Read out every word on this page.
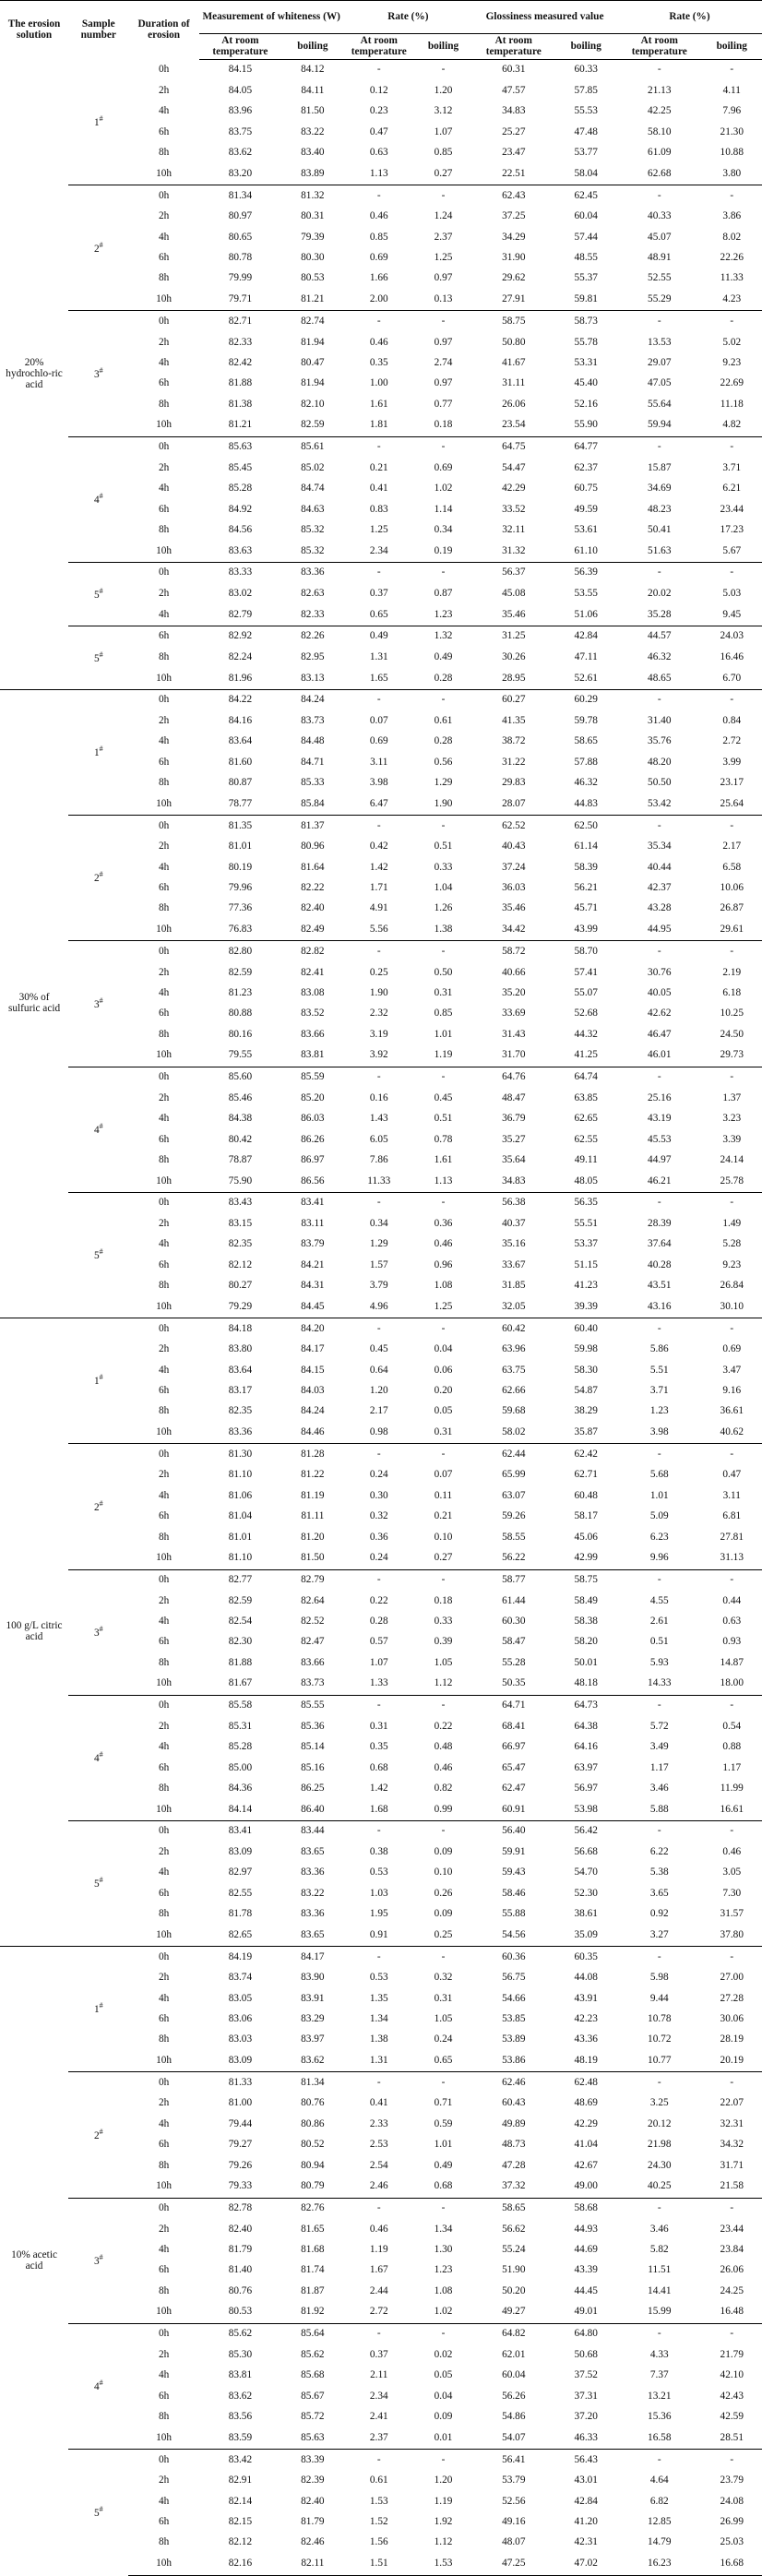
The erosion solution	Sample number	Duration of erosion	Measurement of whiteness (W)		Rate (%)		Glossiness measured value		Rate (%)	
			At room temperature	boiling	At room temperature	boiling	At room temperature	boiling	At room temperature	boiling
20% hydrochlo-ric acid	1#	0h	84.15	84.12	-	-	60.31	60.33	-	-
		2h	84.05	84.11	0.12	1.20	47.57	57.85	21.13	4.11
		4h	83.96	81.50	0.23	3.12	34.83	55.53	42.25	7.96
		6h	83.75	83.22	0.47	1.07	25.27	47.48	58.10	21.30
		8h	83.62	83.40	0.63	0.85	23.47	53.77	61.09	10.88
		10h	83.20	83.89	1.13	0.27	22.51	58.04	62.68	3.80
	2#	0h	81.34	81.32	-	-	62.43	62.45	-	-
		2h	80.97	80.31	0.46	1.24	37.25	60.04	40.33	3.86
		4h	80.65	79.39	0.85	2.37	34.29	57.44	45.07	8.02
		6h	80.78	80.30	0.69	1.25	31.90	48.55	48.91	22.26
		8h	79.99	80.53	1.66	0.97	29.62	55.37	52.55	11.33
		10h	79.71	81.21	2.00	0.13	27.91	59.81	55.29	4.23
	3#	0h	82.71	82.74	-	-	58.75	58.73	-	-
		2h	82.33	81.94	0.46	0.97	50.80	55.78	13.53	5.02
		4h	82.42	80.47	0.35	2.74	41.67	53.31	29.07	9.23
		6h	81.88	81.94	1.00	0.97	31.11	45.40	47.05	22.69
		8h	81.38	82.10	1.61	0.77	26.06	52.16	55.64	11.18
		10h	81.21	82.59	1.81	0.18	23.54	55.90	59.94	4.82
	4#	0h	85.63	85.61	-	-	64.75	64.77	-	-
		2h	85.45	85.02	0.21	0.69	54.47	62.37	15.87	3.71
		4h	85.28	84.74	0.41	1.02	42.29	60.75	34.69	6.21
		6h	84.92	84.63	0.83	1.14	33.52	49.59	48.23	23.44
		8h	84.56	85.32	1.25	0.34	32.11	53.61	50.41	17.23
		10h	83.63	85.32	2.34	0.19	31.32	61.10	51.63	5.67
	5#	0h	83.33	83.36	-	-	56.37	56.39	-	-
		2h	83.02	82.63	0.37	0.87	45.08	53.55	20.02	5.03
		4h	82.79	82.33	0.65	1.23	35.46	51.06	35.28	9.45
	5#	6h	82.92	82.26	0.49	1.32	31.25	42.84	44.57	24.03
		8h	82.24	82.95	1.31	0.49	30.26	47.11	46.32	16.46
		10h	81.96	83.13	1.65	0.28	28.95	52.61	48.65	6.70
30% of sulfuric acid	1#	0h	84.22	84.24	-	-	60.27	60.29	-	-
		2h	84.16	83.73	0.07	0.61	41.35	59.78	31.40	0.84
		4h	83.64	84.48	0.69	0.28	38.72	58.65	35.76	2.72
		6h	81.60	84.71	3.11	0.56	31.22	57.88	48.20	3.99
		8h	80.87	85.33	3.98	1.29	29.83	46.32	50.50	23.17
		10h	78.77	85.84	6.47	1.90	28.07	44.83	53.42	25.64
	2#	0h	81.35	81.37	-	-	62.52	62.50	-	-
		2h	81.01	80.96	0.42	0.51	40.43	61.14	35.34	2.17
		4h	80.19	81.64	1.42	0.33	37.24	58.39	40.44	6.58
		6h	79.96	82.22	1.71	1.04	36.03	56.21	42.37	10.06
		8h	77.36	82.40	4.91	1.26	35.46	45.71	43.28	26.87
		10h	76.83	82.49	5.56	1.38	34.42	43.99	44.95	29.61
	3#	0h	82.80	82.82	-	-	58.72	58.70	-	-
		2h	82.59	82.41	0.25	0.50	40.66	57.41	30.76	2.19
		4h	81.23	83.08	1.90	0.31	35.20	55.07	40.05	6.18
		6h	80.88	83.52	2.32	0.85	33.69	52.68	42.62	10.25
		8h	80.16	83.66	3.19	1.01	31.43	44.32	46.47	24.50
		10h	79.55	83.81	3.92	1.19	31.70	41.25	46.01	29.73
	4#	0h	85.60	85.59	-	-	64.76	64.74	-	-
		2h	85.46	85.20	0.16	0.45	48.47	63.85	25.16	1.37
		4h	84.38	86.03	1.43	0.51	36.79	62.65	43.19	3.23
		6h	80.42	86.26	6.05	0.78	35.27	62.55	45.53	3.39
		8h	78.87	86.97	7.86	1.61	35.64	49.11	44.97	24.14
		10h	75.90	86.56	11.33	1.13	34.83	48.05	46.21	25.78
	5#	0h	83.43	83.41	-	-	56.38	56.35	-	-
		2h	83.15	83.11	0.34	0.36	40.37	55.51	28.39	1.49
		4h	82.35	83.79	1.29	0.46	35.16	53.37	37.64	5.28
		6h	82.12	84.21	1.57	0.96	33.67	51.15	40.28	9.23
		8h	80.27	84.31	3.79	1.08	31.85	41.23	43.51	26.84
		10h	79.29	84.45	4.96	1.25	32.05	39.39	43.16	30.10
100 g/L citric acid	1#	0h	84.18	84.20	-	-	60.42	60.40	-	-
		2h	83.80	84.17	0.45	0.04	63.96	59.98	5.86	0.69
		4h	83.64	84.15	0.64	0.06	63.75	58.30	5.51	3.47
		6h	83.17	84.03	1.20	0.20	62.66	54.87	3.71	9.16
		8h	82.35	84.24	2.17	0.05	59.68	38.29	1.23	36.61
		10h	83.36	84.46	0.98	0.31	58.02	35.87	3.98	40.62
	2#	0h	81.30	81.28	-	-	62.44	62.42	-	-
		2h	81.10	81.22	0.24	0.07	65.99	62.71	5.68	0.47
		4h	81.06	81.19	0.30	0.11	63.07	60.48	1.01	3.11
		6h	81.04	81.11	0.32	0.21	59.26	58.17	5.09	6.81
		8h	81.01	81.20	0.36	0.10	58.55	45.06	6.23	27.81
		10h	81.10	81.50	0.24	0.27	56.22	42.99	9.96	31.13
	3#	0h	82.77	82.79	-	-	58.77	58.75	-	-
		2h	82.59	82.64	0.22	0.18	61.44	58.49	4.55	0.44
		4h	82.54	82.52	0.28	0.33	60.30	58.38	2.61	0.63
		6h	82.30	82.47	0.57	0.39	58.47	58.20	0.51	0.93
		8h	81.88	83.66	1.07	1.05	55.28	50.01	5.93	14.87
		10h	81.67	83.73	1.33	1.12	50.35	48.18	14.33	18.00
	4#	0h	85.58	85.55	-	-	64.71	64.73	-	-
		2h	85.31	85.36	0.31	0.22	68.41	64.38	5.72	0.54
		4h	85.28	85.14	0.35	0.48	66.97	64.16	3.49	0.88
		6h	85.00	85.16	0.68	0.46	65.47	63.97	1.17	1.17
		8h	84.36	86.25	1.42	0.82	62.47	56.97	3.46	11.99
		10h	84.14	86.40	1.68	0.99	60.91	53.98	5.88	16.61
	5#	0h	83.41	83.44	-	-	56.40	56.42	-	-
		2h	83.09	83.65	0.38	0.09	59.91	56.68	6.22	0.46
		4h	82.97	83.36	0.53	0.10	59.43	54.70	5.38	3.05
		6h	82.55	83.22	1.03	0.26	58.46	52.30	3.65	7.30
		8h	81.78	83.36	1.95	0.09	55.88	38.61	0.92	31.57
		10h	82.65	83.65	0.91	0.25	54.56	35.09	3.27	37.80
10% acetic acid	1#	0h	84.19	84.17	-	-	60.36	60.35	-	-
		2h	83.74	83.90	0.53	0.32	56.75	44.08	5.98	27.00
		4h	83.05	83.91	1.35	0.31	54.66	43.91	9.44	27.28
		6h	83.06	83.29	1.34	1.05	53.85	42.23	10.78	30.06
		8h	83.03	83.97	1.38	0.24	53.89	43.36	10.72	28.19
		10h	83.09	83.62	1.31	0.65	53.86	48.19	10.77	20.19
	2#	0h	81.33	81.34	-	-	62.46	62.48	-	-
		2h	81.00	80.76	0.41	0.71	60.43	48.69	3.25	22.07
		4h	79.44	80.86	2.33	0.59	49.89	42.29	20.12	32.31
		6h	79.27	80.52	2.53	1.01	48.73	41.04	21.98	34.32
		8h	79.26	80.94	2.54	0.49	47.28	42.67	24.30	31.71
		10h	79.33	80.79	2.46	0.68	37.32	49.00	40.25	21.58
	3#	0h	82.78	82.76	-	-	58.65	58.68	-	-
		2h	82.40	81.65	0.46	1.34	56.62	44.93	3.46	23.44
		4h	81.79	81.68	1.19	1.30	55.24	44.69	5.82	23.84
		6h	81.40	81.74	1.67	1.23	51.90	43.39	11.51	26.06
		8h	80.76	81.87	2.44	1.08	50.20	44.45	14.41	24.25
		10h	80.53	81.92	2.72	1.02	49.27	49.01	15.99	16.48
	4#	0h	85.62	85.64	-	-	64.82	64.80	-	-
		2h	85.30	85.62	0.37	0.02	62.01	50.68	4.33	21.79
		4h	83.81	85.68	2.11	0.05	60.04	37.52	7.37	42.10
		6h	83.62	85.67	2.34	0.04	56.26	37.31	13.21	42.43
		8h	83.56	85.72	2.41	0.09	54.86	37.20	15.36	42.59
		10h	83.59	85.63	2.37	0.01	54.07	46.33	16.58	28.51
	5#	0h	83.42	83.39	-	-	56.41	56.43	-	-
		2h	82.91	82.39	0.61	1.20	53.79	43.01	4.64	23.79
		4h	82.14	82.40	1.53	1.19	52.56	42.84	6.82	24.08
		6h	82.15	81.79	1.52	1.92	49.16	41.20	12.85	26.99
		8h	82.12	82.46	1.56	1.12	48.07	42.31	14.79	25.03
		10h	82.16	82.11	1.51	1.53	47.25	47.02	16.23	16.68
